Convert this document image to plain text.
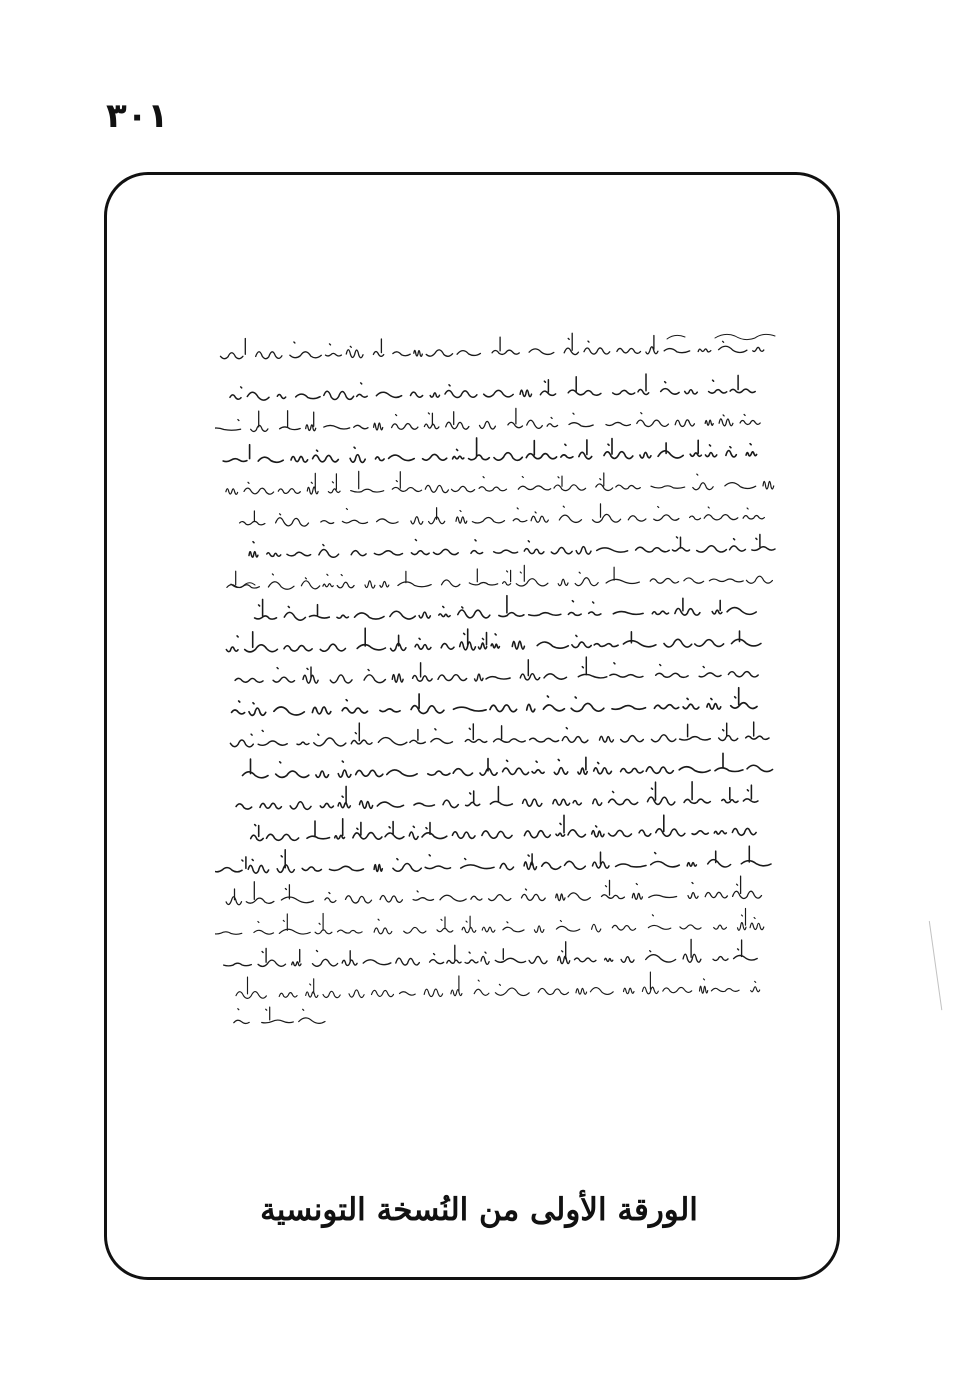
٣٠١
الورقة الأولى من النُسخة التونسية
